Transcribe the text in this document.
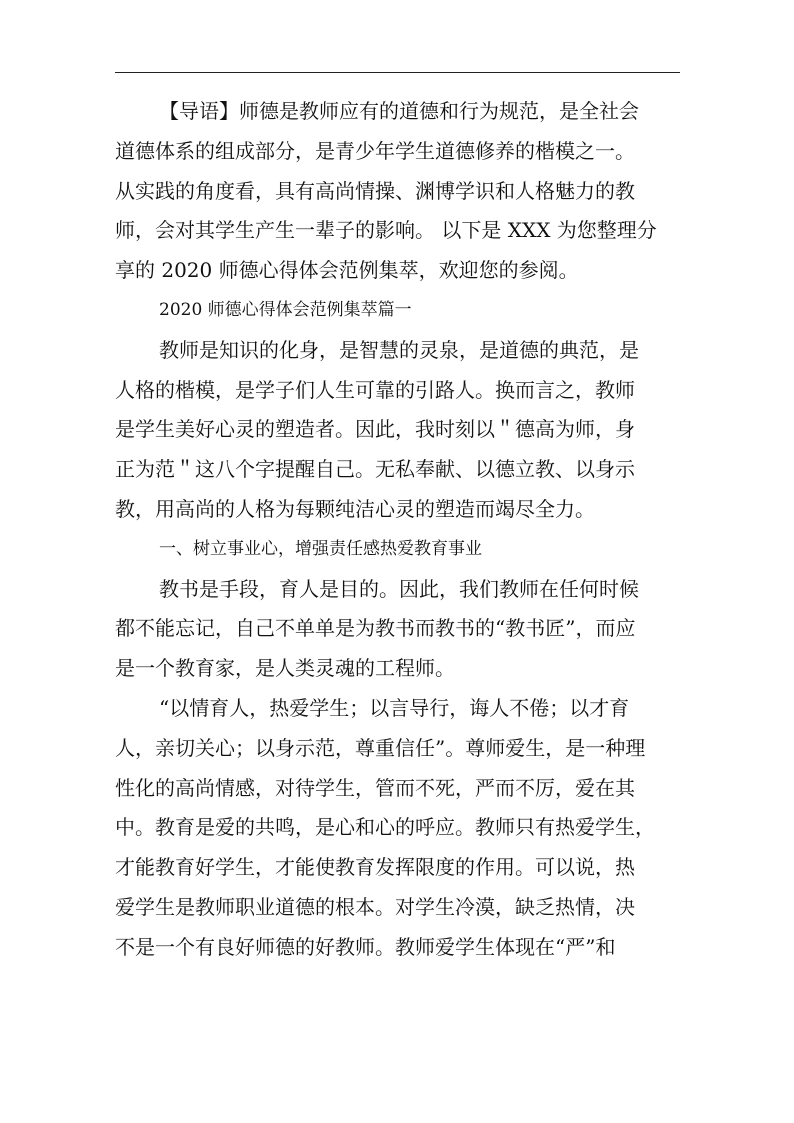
【导语】师德是教师应有的道德和行为规范，是全社会
道德体系的组成部分，是青少年学生道德修养的楷模之一。
从实践的角度看，具有高尚情操、渊博学识和人格魅力的教
师，会对其学生产生一辈子的影响。 以下是 XXX 为您整理分
享的 2020 师德心得体会范例集萃，欢迎您的参阅。
2020 师德心得体会范例集萃篇一
教师是知识的化身，是智慧的灵泉，是道德的典范，是
人格的楷模，是学子们人生可靠的引路人。换而言之，教师
是学生美好心灵的塑造者。因此，我时刻以＂德高为师，身
正为范＂这八个字提醒自己。无私奉献、以德立教、以身示
教，用高尚的人格为每颗纯洁心灵的塑造而竭尽全力。
一、树立事业心，增强责任感热爱教育事业
教书是手段，育人是目的。因此，我们教师在任何时候
都不能忘记，自己不单单是为教书而教书的“教书匠”，而应
是一个教育家，是人类灵魂的工程师。
“以情育人，热爱学生；以言导行，诲人不倦；以才育
人，亲切关心；以身示范，尊重信任”。尊师爱生，是一种理
性化的高尚情感，对待学生，管而不死，严而不厉，爱在其
中。教育是爱的共鸣，是心和心的呼应。教师只有热爱学生，
才能教育好学生，才能使教育发挥限度的作用。可以说，热
爱学生是教师职业道德的根本。对学生冷漠，缺乏热情，决
不是一个有良好师德的好教师。教师爱学生体现在“严”和
